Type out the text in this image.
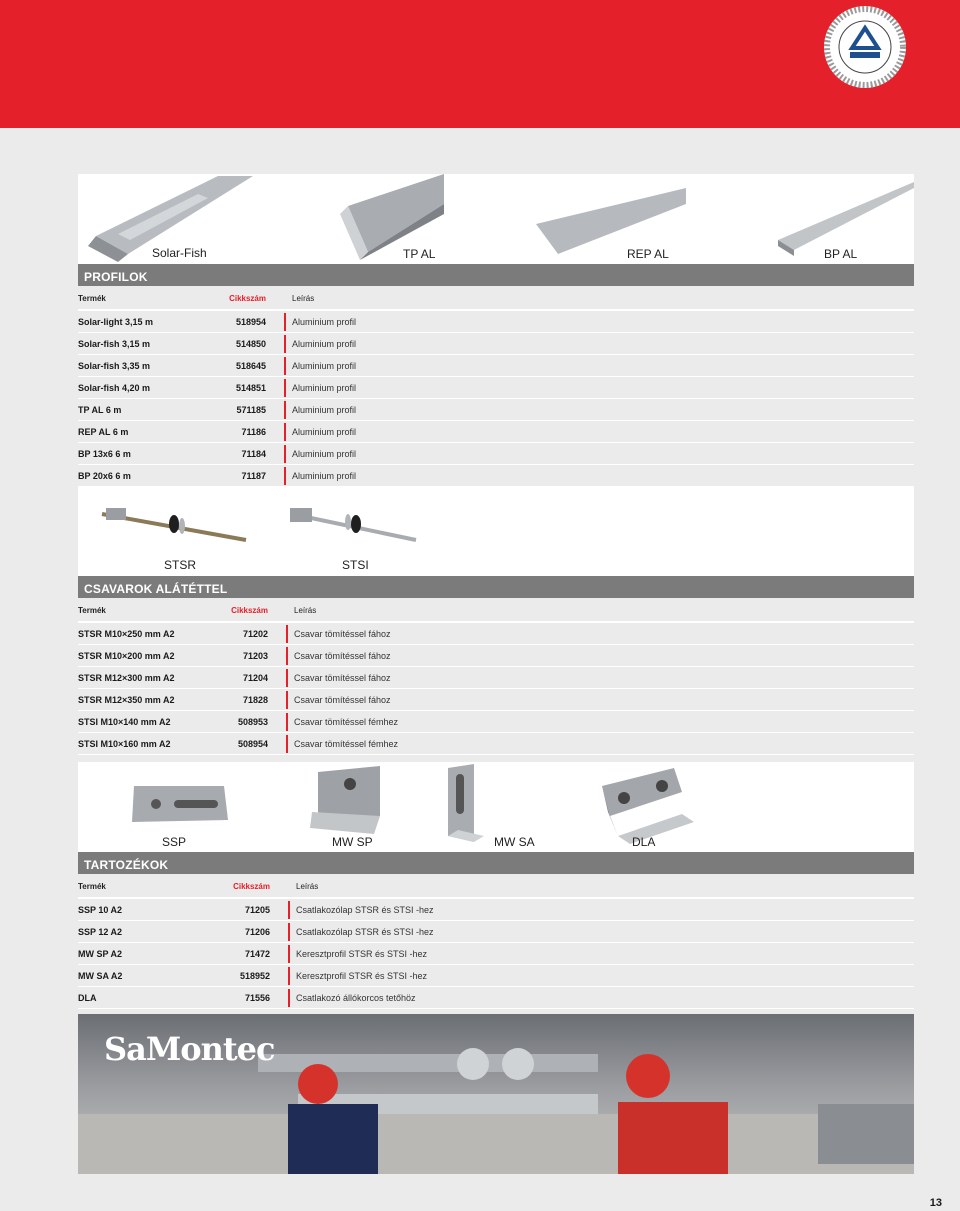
Solar-Fish	TP AL	REP AL	BP AL
PROFILOK
Termék	Cikkszám	Leírás
Solar-light 3,15 m	518954	Aluminium profil
Solar-fish 3,15 m	514850	Aluminium profil
Solar-fish 3,35 m	518645	Aluminium profil
Solar-fish 4,20 m	514851	Aluminium profil
TP AL 6 m	571185	Aluminium profil
REP AL 6 m	71186	Aluminium profil
BP 13x6 6 m	71184	Aluminium profil
BP 20x6 6 m	71187	Aluminium profil
STSR	STSI
CSAVAROK ALÁTÉTTEL
Termék	Cikkszám	Leírás
STSR M10×250 mm A2	71202	Csavar tömítéssel fához
STSR M10×200 mm A2	71203	Csavar tömítéssel fához
STSR M12×300 mm A2	71204	Csavar tömítéssel fához
STSR M12×350 mm A2	71828	Csavar tömítéssel fához
STSI M10×140 mm A2	508953	Csavar tömítéssel fémhez
STSI M10×160 mm A2	508954	Csavar tömítéssel fémhez
SSP	MW SP	MW SA	DLA
TARTOZÉKOK
Termék	Cikkszám	Leírás
SSP 10 A2	71205	Csatlakozólap STSR és STSI -hez
SSP 12 A2	71206	Csatlakozólap STSR és STSI -hez
MW SP A2	71472	Keresztprofil STSR és STSI -hez
MW SA A2	518952	Keresztprofil STSR és STSI -hez
DLA	71556	Csatlakozó állókorcos tetőhöz
SaMontec
13
